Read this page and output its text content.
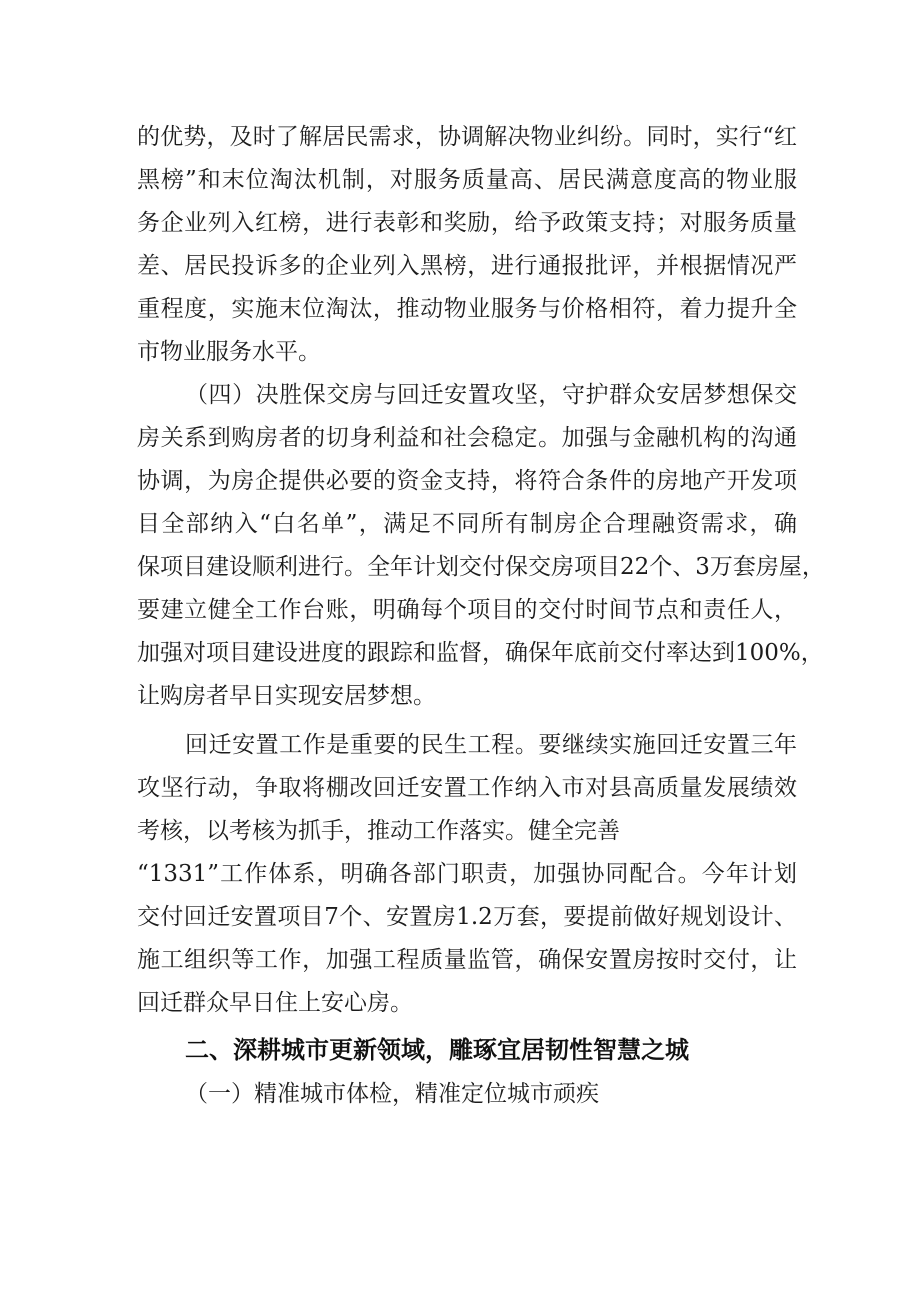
的优势，及时了解居民需求，协调解决物业纠纷。同时，实行“红
黑榜”和末位淘汰机制，对服务质量高、居民满意度高的物业服
务企业列入红榜，进行表彰和奖励，给予政策支持；对服务质量
差、居民投诉多的企业列入黑榜，进行通报批评，并根据情况严
重程度，实施末位淘汰，推动物业服务与价格相符，着力提升全
市物业服务水平。
（四）决胜保交房与回迁安置攻坚，守护群众安居梦想保交
房关系到购房者的切身利益和社会稳定。加强与金融机构的沟通
协调，为房企提供必要的资金支持，将符合条件的房地产开发项
目全部纳入“白名单”，满足不同所有制房企合理融资需求，确
保项目建设顺利进行。全年计划交付保交房项目22个、3万套房屋，
要建立健全工作台账，明确每个项目的交付时间节点和责任人，
加强对项目建设进度的跟踪和监督，确保年底前交付率达到100%，
让购房者早日实现安居梦想。
回迁安置工作是重要的民生工程。要继续实施回迁安置三年
攻坚行动，争取将棚改回迁安置工作纳入市对县高质量发展绩效
考核，以考核为抓手，推动工作落实。健全完善
“1331”工作体系，明确各部门职责，加强协同配合。今年计划
交付回迁安置项目7个、安置房1.2万套，要提前做好规划设计、
施工组织等工作，加强工程质量监管，确保安置房按时交付，让
回迁群众早日住上安心房。
二、深耕城市更新领域，雕琢宜居韧性智慧之城
（一）精准城市体检，精准定位城市顽疾
